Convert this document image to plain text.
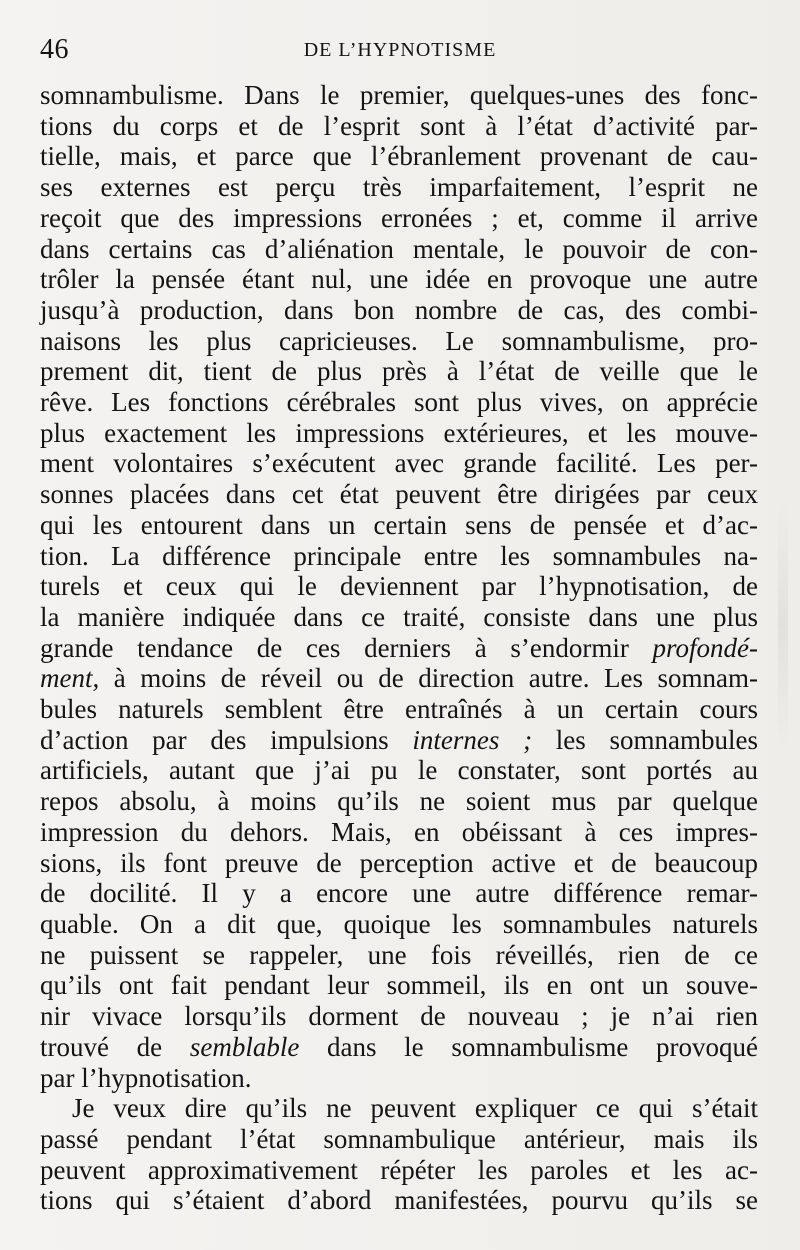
46	DE L’HYPNOTISME
somnambulisme. Dans le premier, quelques-unes des fonc-
tions du corps et de l’esprit sont à l’état d’activité par-
tielle, mais, et parce que l’ébranlement provenant de cau-
ses externes est perçu très imparfaitement, l’esprit ne
reçoit que des impressions erronées ; et, comme il arrive
dans certains cas d’aliénation mentale, le pouvoir de con-
trôler la pensée étant nul, une idée en provoque une autre
jusqu’à production, dans bon nombre de cas, des combi-
naisons les plus capricieuses. Le somnambulisme, pro-
prement dit, tient de plus près à l’état de veille que le
rêve. Les fonctions cérébrales sont plus vives, on apprécie
plus exactement les impressions extérieures, et les mouve-
ment volontaires s’exécutent avec grande facilité. Les per-
sonnes placées dans cet état peuvent être dirigées par ceux
qui les entourent dans un certain sens de pensée et d’ac-
tion. La différence principale entre les somnambules na-
turels et ceux qui le deviennent par l’hypnotisation, de
la manière indiquée dans ce traité, consiste dans une plus
grande tendance de ces derniers à s’endormir profondé-
ment, à moins de réveil ou de direction autre. Les somnam-
bules naturels semblent être entraînés à un certain cours
d’action par des impulsions internes ; les somnambules
artificiels, autant que j’ai pu le constater, sont portés au
repos absolu, à moins qu’ils ne soient mus par quelque
impression du dehors. Mais, en obéissant à ces impres-
sions, ils font preuve de perception active et de beaucoup
de docilité. Il y a encore une autre différence remar-
quable. On a dit que, quoique les somnambules naturels
ne puissent se rappeler, une fois réveillés, rien de ce
qu’ils ont fait pendant leur sommeil, ils en ont un souve-
nir vivace lorsqu’ils dorment de nouveau ; je n’ai rien
trouvé de semblable dans le somnambulisme provoqué
par l’hypnotisation.
Je veux dire qu’ils ne peuvent expliquer ce qui s’était
passé pendant l’état somnambulique antérieur, mais ils
peuvent approximativement répéter les paroles et les ac-
tions qui s’étaient d’abord manifestées, pourvu qu’ils se
